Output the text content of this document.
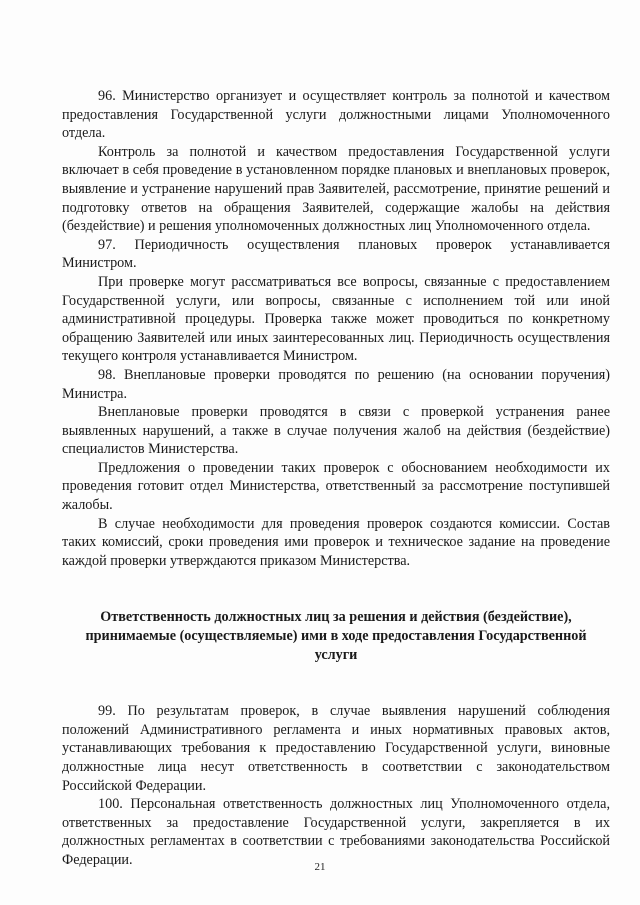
96. Министерство организует и осуществляет контроль за полнотой и качеством предоставления Государственной услуги должностными лицами Уполномоченного отдела.

Контроль за полнотой и качеством предоставления Государственной услуги включает в себя проведение в установленном порядке плановых и внеплановых проверок, выявление и устранение нарушений прав Заявителей, рассмотрение, принятие решений и подготовку ответов на обращения Заявителей, содержащие жалобы на действия (бездействие) и решения уполномоченных должностных лиц Уполномоченного отдела.

97. Периодичность осуществления плановых проверок устанавливается Министром.

При проверке могут рассматриваться все вопросы, связанные с предоставлением Государственной услуги, или вопросы, связанные с исполнением той или иной административной процедуры. Проверка также может проводиться по конкретному обращению Заявителей или иных заинтересованных лиц. Периодичность осуществления текущего контроля устанавливается Министром.

98. Внеплановые проверки проводятся по решению (на основании поручения) Министра.

Внеплановые проверки проводятся в связи с проверкой устранения ранее выявленных нарушений, а также в случае получения жалоб на действия (бездействие) специалистов Министерства.

Предложения о проведении таких проверок с обоснованием необходимости их проведения готовит отдел Министерства, ответственный за рассмотрение поступившей жалобы.

В случае необходимости для проведения проверок создаются комиссии. Состав таких комиссий, сроки проведения ими проверок и техническое задание на проведение каждой проверки утверждаются приказом Министерства.

Ответственность должностных лиц за решения и действия (бездействие), принимаемые (осуществляемые) ими в ходе предоставления Государственной услуги

99. По результатам проверок, в случае выявления нарушений соблюдения положений Административного регламента и иных нормативных правовых актов, устанавливающих требования к предоставлению Государственной услуги, виновные должностные лица несут ответственность в соответствии с законодательством Российской Федерации.

100. Персональная ответственность должностных лиц Уполномоченного отдела, ответственных за предоставление Государственной услуги, закрепляется в их должностных регламентах в соответствии с требованиями законодательства Российской Федерации.	21
